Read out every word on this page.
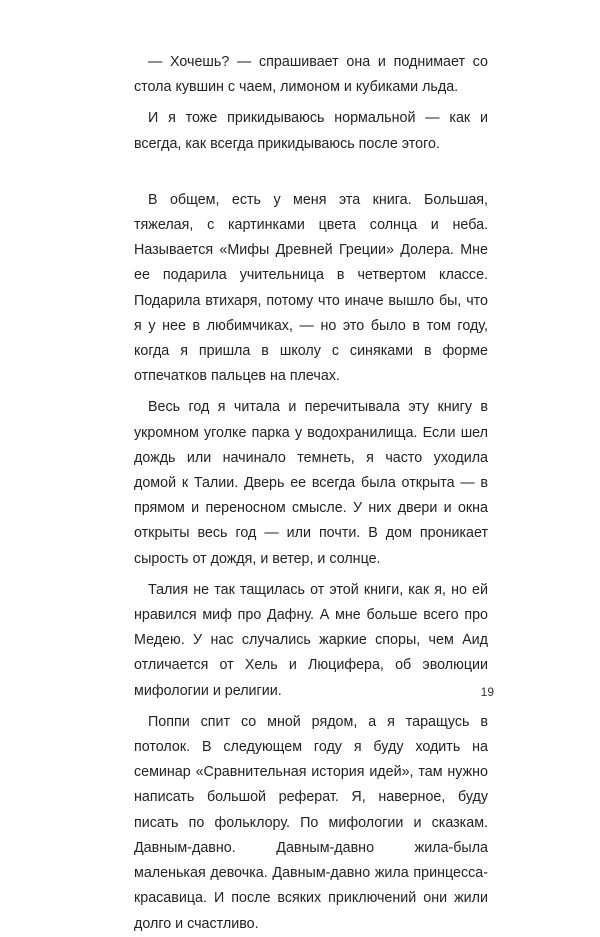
— Хочешь? — спрашивает она и поднимает со стола кувшин с чаем, лимоном и кубиками льда.

И я тоже прикидываюсь нормальной — как и всегда, как всегда прикидываюсь после этого.

В общем, есть у меня эта книга. Большая, тяжелая, с картинками цвета солнца и неба. Называется «Мифы Древней Греции» Долера. Мне ее подарила учительница в четвертом классе. Подарила втихаря, потому что иначе вышло бы, что я у нее в любимчиках, — но это было в том году, когда я пришла в школу с синяками в форме отпечатков пальцев на плечах.

Весь год я читала и перечитывала эту книгу в укромном уголке парка у водохранилища. Если шел дождь или начинало темнеть, я часто уходила домой к Талии. Дверь ее всегда была открыта — в прямом и переносном смысле. У них двери и окна открыты весь год — или почти. В дом проникает сырость от дождя, и ветер, и солнце.

Талия не так тащилась от этой книги, как я, но ей нравился миф про Дафну. А мне больше всего про Медею. У нас случались жаркие споры, чем Аид отличается от Хель и Люцифера, об эволюции мифологии и религии.

Поппи спит со мной рядом, а я таращусь в потолок. В следующем году я буду ходить на семинар «Сравнительная история идей», там нужно написать большой реферат. Я, наверное, буду писать по фольклору. По мифологии и сказкам. Давным-давно. Давным-давно жила-была маленькая девочка. Давным-давно жила принцесса-красавица. И после всяких приключений они жили долго и счастливо.

19
